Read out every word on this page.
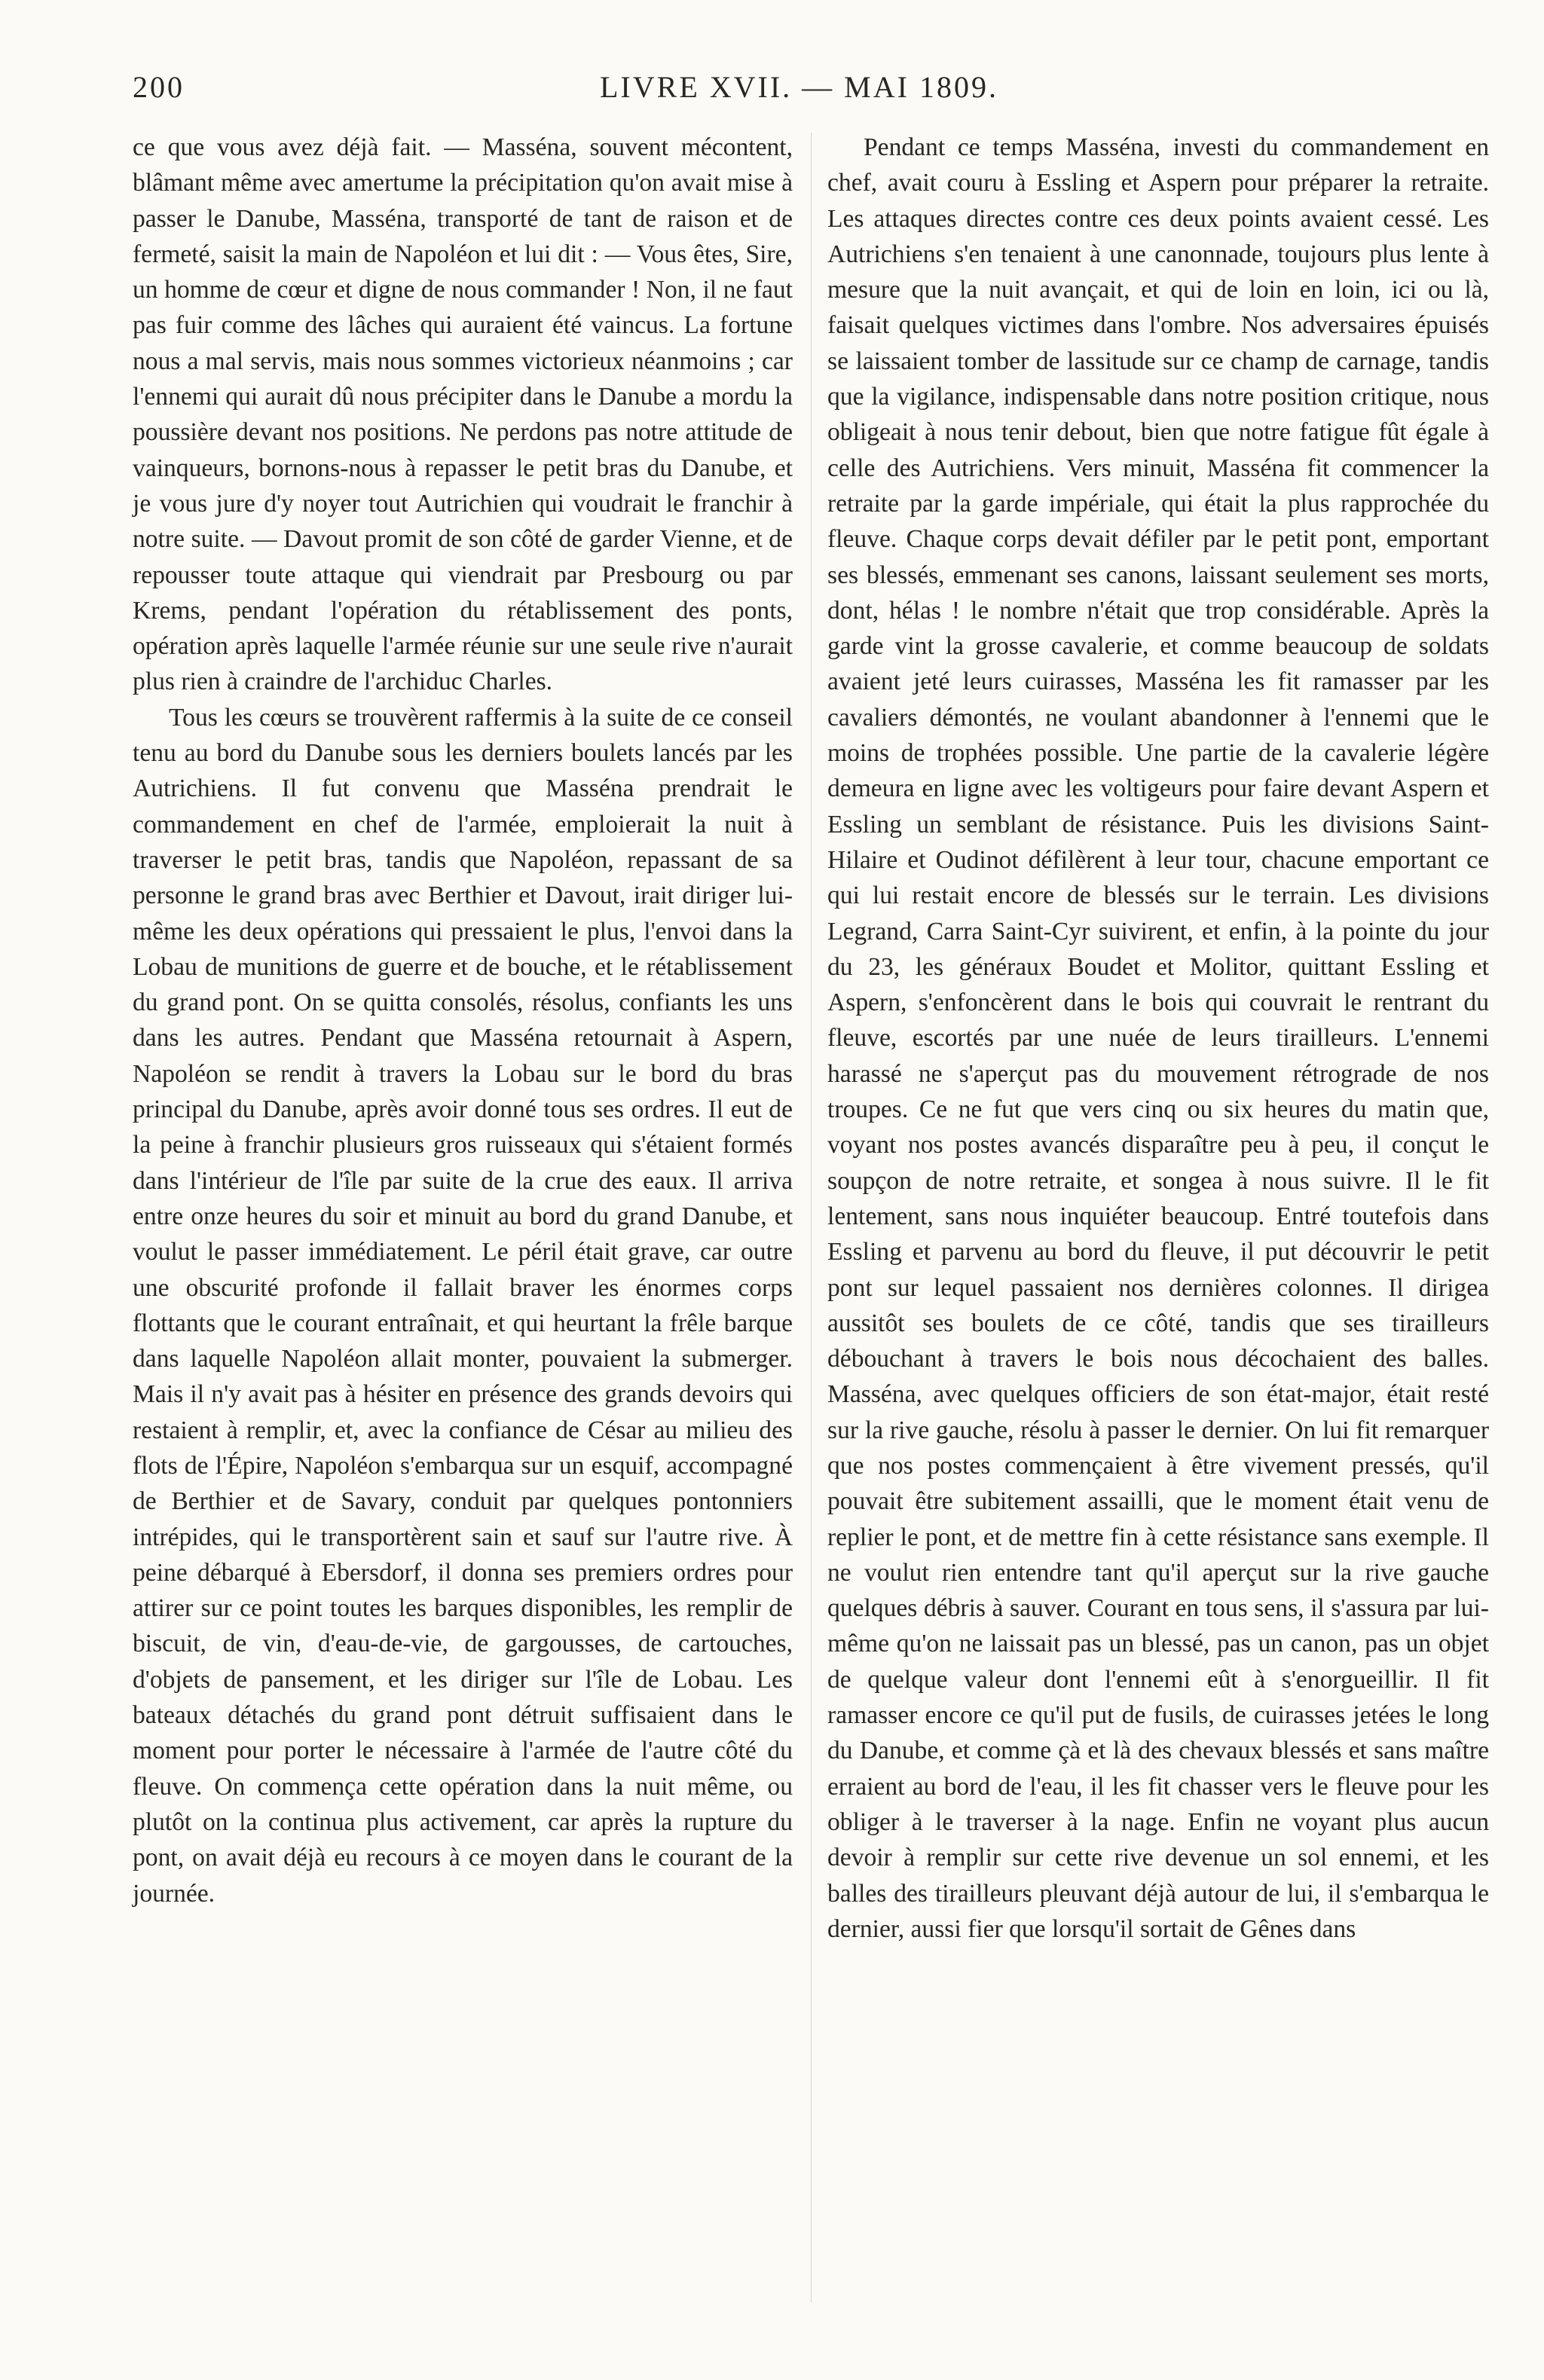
200	LIVRE XVII. — MAI 1809.

ce que vous avez déjà fait. — Masséna, souvent mécontent, blâmant même avec amertume la précipitation qu'on avait mise à passer le Danube, Masséna, transporté de tant de raison et de fermeté, saisit la main de Napoléon et lui dit : — Vous êtes, Sire, un homme de cœur et digne de nous commander ! Non, il ne faut pas fuir comme des lâches qui auraient été vaincus. La fortune nous a mal servis, mais nous sommes victorieux néanmoins ; car l'ennemi qui aurait dû nous précipiter dans le Danube a mordu la poussière devant nos positions. Ne perdons pas notre attitude de vainqueurs, bornons-nous à repasser le petit bras du Danube, et je vous jure d'y noyer tout Autrichien qui voudrait le franchir à notre suite. — Davout promit de son côté de garder Vienne, et de repousser toute attaque qui viendrait par Presbourg ou par Krems, pendant l'opération du rétablissement des ponts, opération après laquelle l'armée réunie sur une seule rive n'aurait plus rien à craindre de l'archiduc Charles.

Tous les cœurs se trouvèrent raffermis à la suite de ce conseil tenu au bord du Danube sous les derniers boulets lancés par les Autrichiens. Il fut convenu que Masséna prendrait le commandement en chef de l'armée, emploierait la nuit à traverser le petit bras, tandis que Napoléon, repassant de sa personne le grand bras avec Berthier et Davout, irait diriger lui-même les deux opérations qui pressaient le plus, l'envoi dans la Lobau de munitions de guerre et de bouche, et le rétablissement du grand pont. On se quitta consolés, résolus, confiants les uns dans les autres. Pendant que Masséna retournait à Aspern, Napoléon se rendit à travers la Lobau sur le bord du bras principal du Danube, après avoir donné tous ses ordres. Il eut de la peine à franchir plusieurs gros ruisseaux qui s'étaient formés dans l'intérieur de l'île par suite de la crue des eaux. Il arriva entre onze heures du soir et minuit au bord du grand Danube, et voulut le passer immédiatement. Le péril était grave, car outre une obscurité profonde il fallait braver les énormes corps flottants que le courant entraînait, et qui heurtant la frêle barque dans laquelle Napoléon allait monter, pouvaient la submerger. Mais il n'y avait pas à hésiter en présence des grands devoirs qui restaient à remplir, et, avec la confiance de César au milieu des flots de l'Épire, Napoléon s'embarqua sur un esquif, accompagné de Berthier et de Savary, conduit par quelques pontonniers intrépides, qui le transportèrent sain et sauf sur l'autre rive. À peine débarqué à Ebersdorf, il donna ses premiers ordres pour attirer sur ce point toutes les barques disponibles, les remplir de biscuit, de vin, d'eau-de-vie, de gargousses, de cartouches, d'objets de pansement, et les diriger sur l'île de Lobau. Les bateaux détachés du grand pont détruit suffisaient dans le moment pour porter le nécessaire à l'armée de l'autre côté du fleuve. On commença cette opération dans la nuit même, ou plutôt on la continua plus activement, car après la rupture du pont, on avait déjà eu recours à ce moyen dans le courant de la journée.

Pendant ce temps Masséna, investi du commandement en chef, avait couru à Essling et Aspern pour préparer la retraite. Les attaques directes contre ces deux points avaient cessé. Les Autrichiens s'en tenaient à une canonnade, toujours plus lente à mesure que la nuit avançait, et qui de loin en loin, ici ou là, faisait quelques victimes dans l'ombre. Nos adversaires épuisés se laissaient tomber de lassitude sur ce champ de carnage, tandis que la vigilance, indispensable dans notre position critique, nous obligeait à nous tenir debout, bien que notre fatigue fût égale à celle des Autrichiens. Vers minuit, Masséna fit commencer la retraite par la garde impériale, qui était la plus rapprochée du fleuve. Chaque corps devait défiler par le petit pont, emportant ses blessés, emmenant ses canons, laissant seulement ses morts, dont, hélas ! le nombre n'était que trop considérable. Après la garde vint la grosse cavalerie, et comme beaucoup de soldats avaient jeté leurs cuirasses, Masséna les fit ramasser par les cavaliers démontés, ne voulant abandonner à l'ennemi que le moins de trophées possible. Une partie de la cavalerie légère demeura en ligne avec les voltigeurs pour faire devant Aspern et Essling un semblant de résistance. Puis les divisions Saint-Hilaire et Oudinot défilèrent à leur tour, chacune emportant ce qui lui restait encore de blessés sur le terrain. Les divisions Legrand, Carra Saint-Cyr suivirent, et enfin, à la pointe du jour du 23, les généraux Boudet et Molitor, quittant Essling et Aspern, s'enfoncèrent dans le bois qui couvrait le rentrant du fleuve, escortés par une nuée de leurs tirailleurs. L'ennemi harassé ne s'aperçut pas du mouvement rétrograde de nos troupes. Ce ne fut que vers cinq ou six heures du matin que, voyant nos postes avancés disparaître peu à peu, il conçut le soupçon de notre retraite, et songea à nous suivre. Il le fit lentement, sans nous inquiéter beaucoup. Entré toutefois dans Essling et parvenu au bord du fleuve, il put découvrir le petit pont sur lequel passaient nos dernières colonnes. Il dirigea aussitôt ses boulets de ce côté, tandis que ses tirailleurs débouchant à travers le bois nous décochaient des balles. Masséna, avec quelques officiers de son état-major, était resté sur la rive gauche, résolu à passer le dernier. On lui fit remarquer que nos postes commençaient à être vivement pressés, qu'il pouvait être subitement assailli, que le moment était venu de replier le pont, et de mettre fin à cette résistance sans exemple. Il ne voulut rien entendre tant qu'il aperçut sur la rive gauche quelques débris à sauver. Courant en tous sens, il s'assura par lui-même qu'on ne laissait pas un blessé, pas un canon, pas un objet de quelque valeur dont l'ennemi eût à s'enorgueillir. Il fit ramasser encore ce qu'il put de fusils, de cuirasses jetées le long du Danube, et comme çà et là des chevaux blessés et sans maître erraient au bord de l'eau, il les fit chasser vers le fleuve pour les obliger à le traverser à la nage. Enfin ne voyant plus aucun devoir à remplir sur cette rive devenue un sol ennemi, et les balles des tirailleurs pleuvant déjà autour de lui, il s'embarqua le dernier, aussi fier que lorsqu'il sortait de Gênes dans
